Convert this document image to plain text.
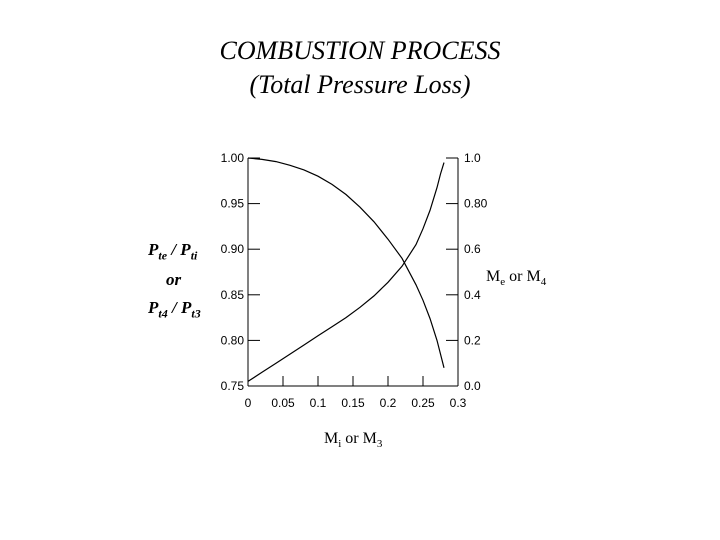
COMBUSTION PROCESS
(Total Pressure Loss)
$P_{te} / P_{ti}$
or
$P_{t4} / P_{t3}$
$M_e$ or $M_4$
$M_i$ or $M_3$
0 0.05 0.1 0.15 0.2 0.25 0.3
0.75
0.80
0.85
0.90
0.95
1.00
0.0
0.2
0.4
0.6
0.80
1.0
